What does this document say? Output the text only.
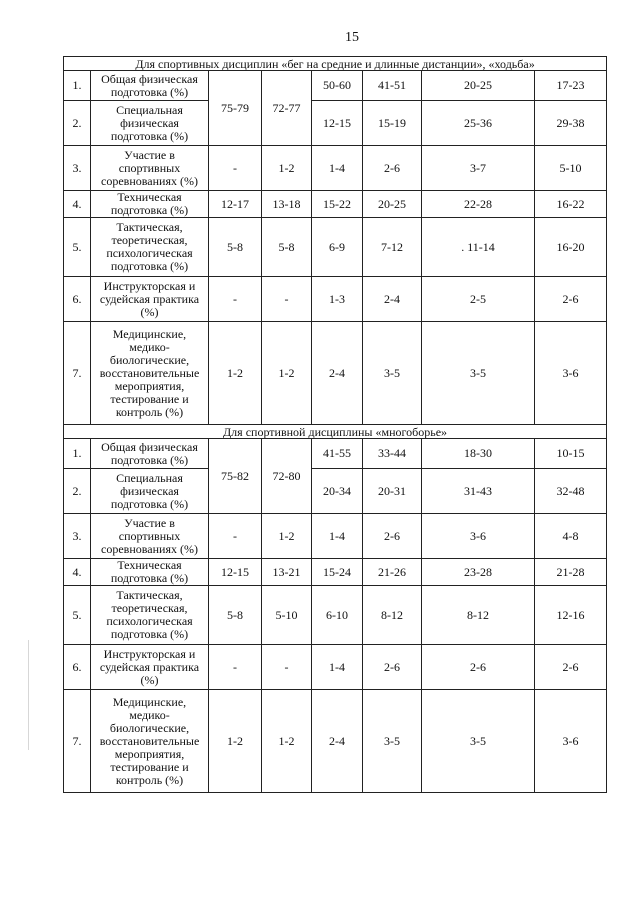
15
Для спортивных дисциплин «бег на средние и длинные дистанции», «ходьба»							
1.	Общая физическая подготовка (%)	75-79	72-77	50-60	41-51	20-25	17-23
2.	Специальная физическая подготовка (%)			12-15	15-19	25-36	29-38
3.	Участие в спортивных соревнованиях (%)	-	1-2	1-4	2-6	3-7	5-10
4.	Техническая подготовка (%)	12-17	13-18	15-22	20-25	22-28	16-22
5.	Тактическая, теоретическая, психологическая подготовка (%)	5-8	5-8	6-9	7-12	. 11-14	16-20
6.	Инструкторская и судейская практика (%)	-	-	1-3	2-4	2-5	2-6
7.	Медицинские, медико-биологические, восстановительные мероприятия, тестирование и контроль (%)	1-2	1-2	2-4	3-5	3-5	3-6
Для спортивной дисциплины «многоборье»							
1.	Общая физическая подготовка (%)	75-82	72-80	41-55	33-44	18-30	10-15
2.	Специальная физическая подготовка (%)			20-34	20-31	31-43	32-48
3.	Участие в спортивных соревнованиях (%)	-	1-2	1-4	2-6	3-6	4-8
4.	Техническая подготовка (%)	12-15	13-21	15-24	21-26	23-28	21-28
5.	Тактическая, теоретическая, психологическая подготовка (%)	5-8	5-10	6-10	8-12	8-12	12-16
6.	Инструкторская и судейская практика (%)	-	-	1-4	2-6	2-6	2-6
7.	Медицинские, медико-биологические, восстановительные мероприятия, тестирование и контроль (%)	1-2	1-2	2-4	3-5	3-5	3-6
